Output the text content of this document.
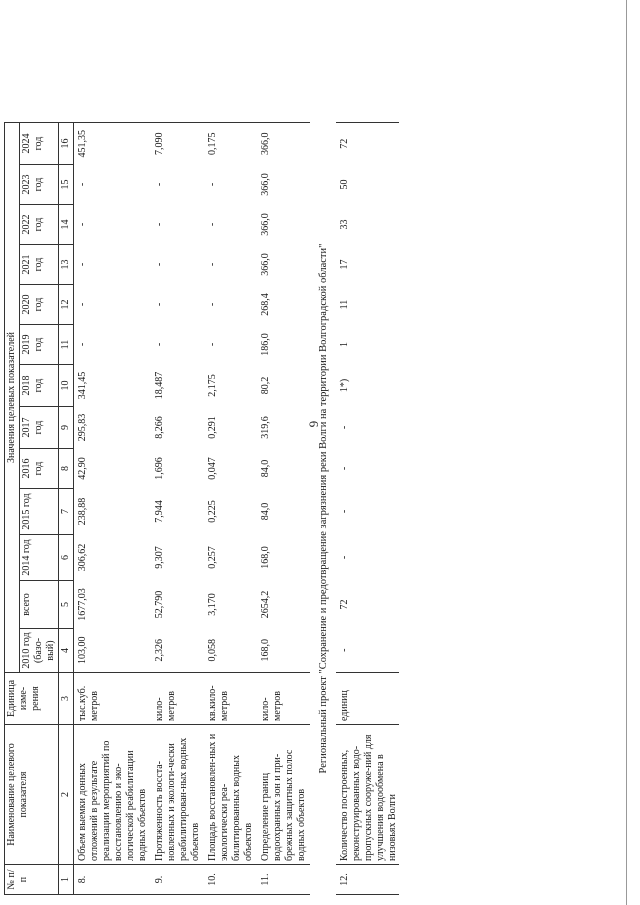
6
№ п/п	Наименование целевого показателя	Единица изме-рения	Значения целевых показателей												
			2010 год (базо-вый)	всего	2014 год	2015 год	2016 год	2017 год	2018 год	2019 год	2020 год	2021 год	2022 год	2023 год	2024 год
1	2	3	4	5	6	7	8	9	10	11	12	13	14	15	16
8.	Объем выемки донных отложений в результате реализации мероприятий по восстановлению и эко-логической реабилитации водных объектов	тыс.куб. метров	103,00	1677,03	306,62	238,88	42,90	295,83	341,45	-	-	-	-	-	451,35
9.	Протяженность восста-новленных и экологи-чески реабилитирован-ных водных объектов	кило-метров	2,326	52,790	9,307	7,944	1,696	8,266	18,487	-	-	-	-	-	7,090
10.	Площадь восстановлен-ных и экологически реа-билитированных водных объектов	кв.кило-метров	0,058	3,170	0,257	0,225	0,047	0,291	2,175	-	-	-	-	-	0,175
11.	Определение границ водоохранных зон и при-брежных защитных полос водных объектов	кило-метров	168,0	2654,2	168,0	84,0	84,0	319,6	80,2	186,0	268,4	366,0	366,0	366,0	366,0
Региональный проект "Сохранение и предотвращение загрязнения реки Волги на территории Волгоградской области"															
12.	Количество построенных, реконструированных водо-пропускных сооруже-ний для улучшения водообмена в низовьях Волги	единиц	-	72	-	-	-	-	1*)	1	11	17	33	50	72
